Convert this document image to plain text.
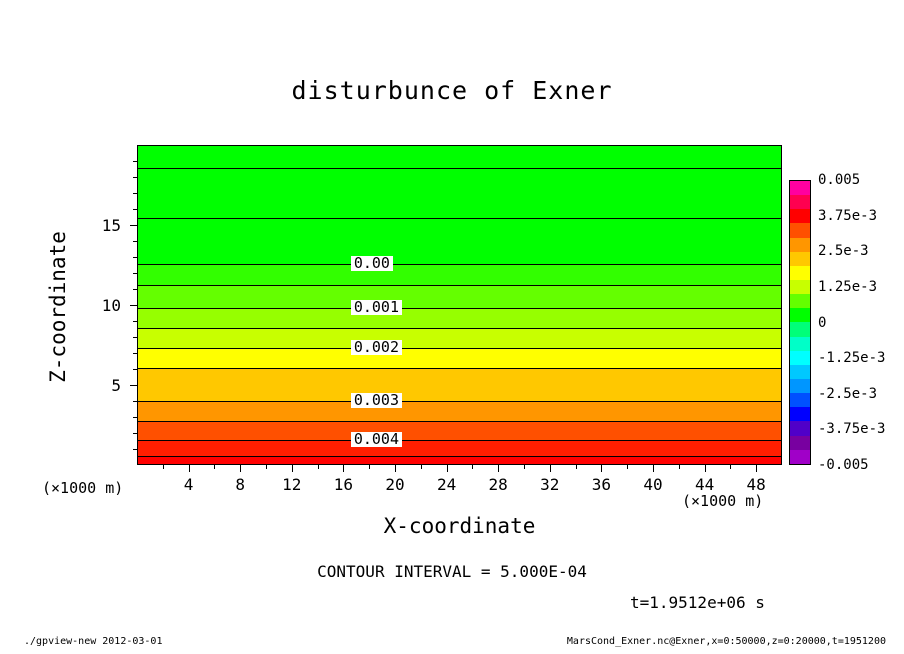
disturbunce of Exner
0.00
0.001
0.002
0.003
0.004
4	8	12	16	20	24	28	32	36	40	44	48
5
10
15
X-coordinate
Z-coordinate
(×1000 m)
(×1000 m)
0.005
3.75e-3
2.5e-3
1.25e-3
0
-1.25e-3
-2.5e-3
-3.75e-3
-0.005
CONTOUR INTERVAL = 5.000E-04
t=1.9512e+06 s
./gpview-new 2012-03-01	MarsCond_Exner.nc@Exner,x=0:50000,z=0:20000,t=1951200
